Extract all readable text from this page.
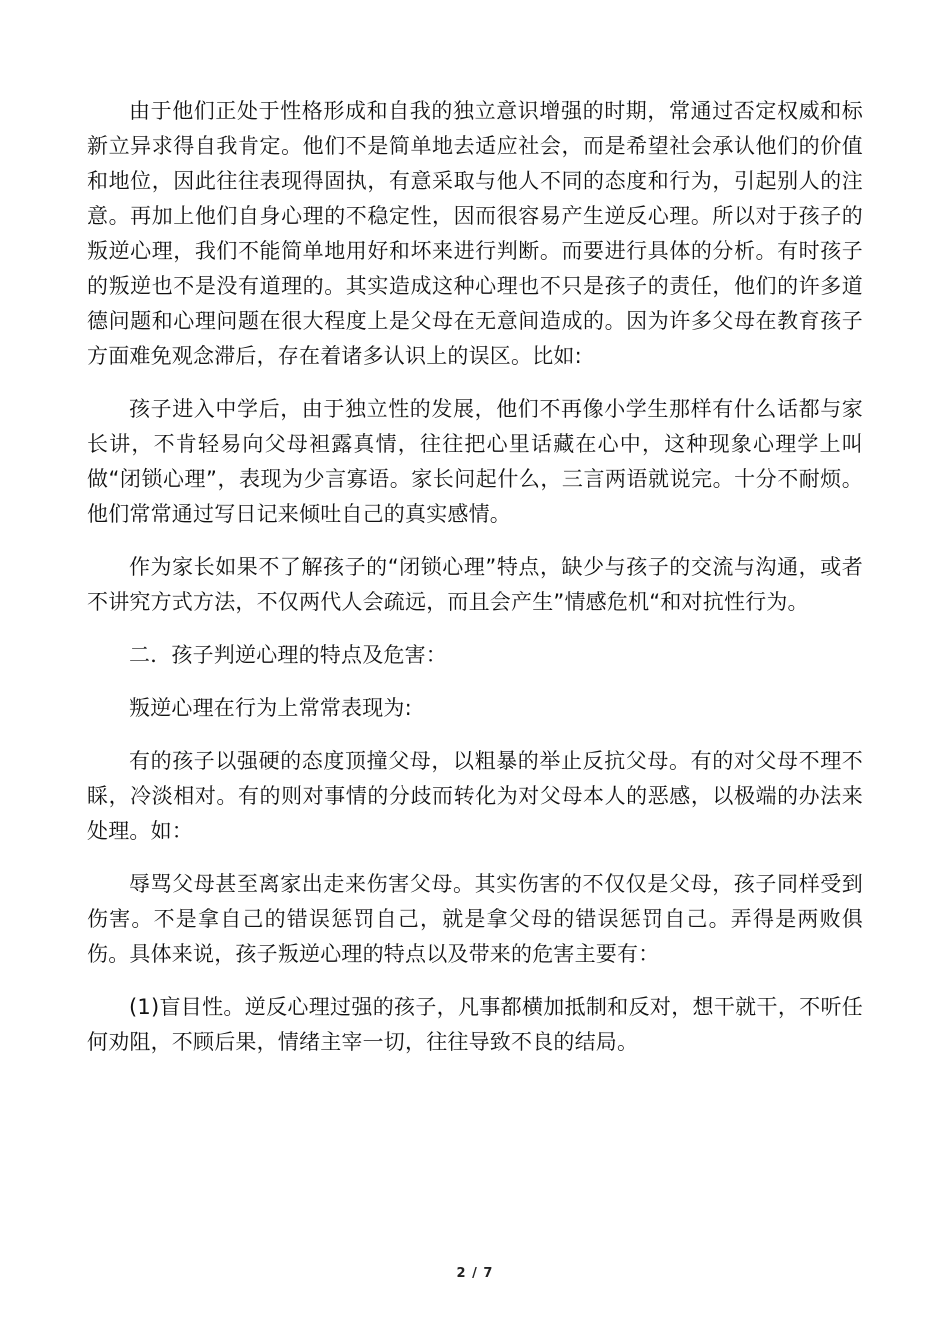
由于他们正处于性格形成和自我的独立意识增强的时期，常通过否定权威和标新立异求得自我肯定。他们不是简单地去适应社会，而是希望社会承认他们的价值和地位，因此往往表现得固执，有意采取与他人不同的态度和行为，引起别人的注意。再加上他们自身心理的不稳定性，因而很容易产生逆反心理。所以对于孩子的叛逆心理，我们不能简单地用好和坏来进行判断。而要进行具体的分析。有时孩子的叛逆也不是没有道理的。其实造成这种心理也不只是孩子的责任，他们的许多道德问题和心理问题在很大程度上是父母在无意间造成的。因为许多父母在教育孩子方面难免观念滞后，存在着诸多认识上的误区。比如:

孩子进入中学后，由于独立性的发展，他们不再像小学生那样有什么话都与家长讲，不肯轻易向父母袒露真情，往往把心里话藏在心中，这种现象心理学上叫做“闭锁心理”，表现为少言寡语。家长问起什么，三言两语就说完。十分不耐烦。他们常常通过写日记来倾吐自己的真实感情。

作为家长如果不了解孩子的“闭锁心理”特点，缺少与孩子的交流与沟通，或者不讲究方式方法，不仅两代人会疏远，而且会产生”情感危机“和对抗性行为。

二．孩子判逆心理的特点及危害：

叛逆心理在行为上常常表现为:

有的孩子以强硬的态度顶撞父母，以粗暴的举止反抗父母。有的对父母不理不睬，冷淡相对。有的则对事情的分歧而转化为对父母本人的恶感，以极端的办法来处理。如：

辱骂父母甚至离家出走来伤害父母。其实伤害的不仅仅是父母，孩子同样受到伤害。不是拿自己的错误惩罚自己，就是拿父母的错误惩罚自己。弄得是两败俱伤。具体来说，孩子叛逆心理的特点以及带来的危害主要有：

(1)盲目性。逆反心理过强的孩子，凡事都横加抵制和反对，想干就干，不听任何劝阻，不顾后果，情绪主宰一切，往往导致不良的结局。

2 / 7
